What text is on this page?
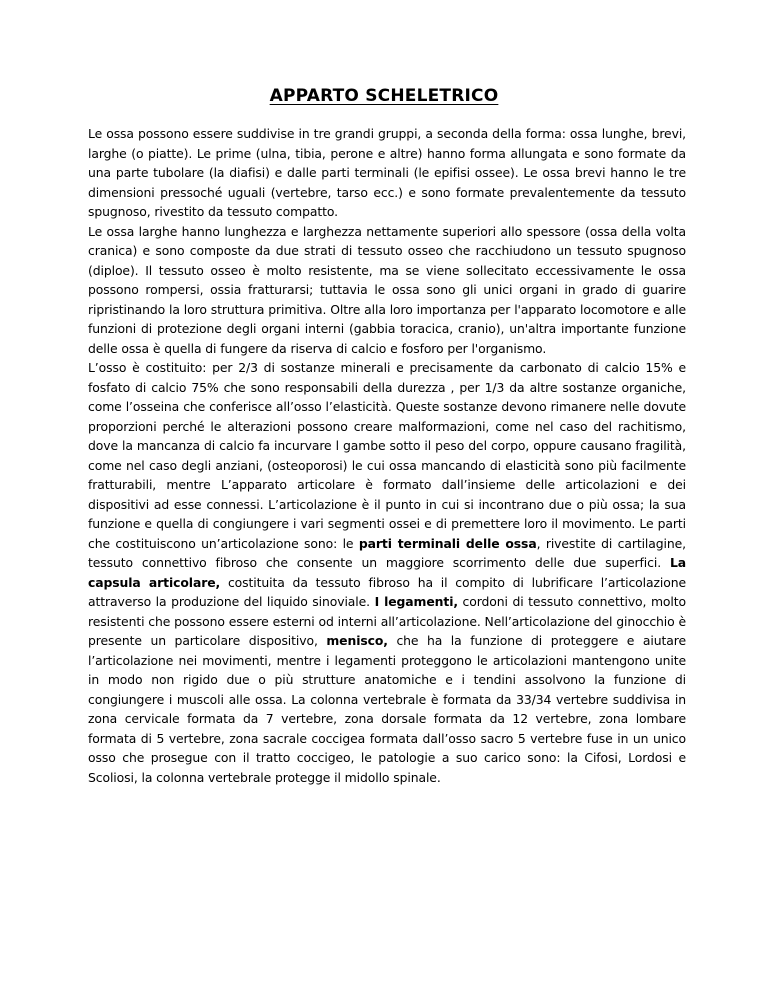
APPARTO SCHELETRICO

Le ossa possono essere suddivise in tre grandi gruppi, a seconda della forma: ossa lunghe, brevi, larghe (o piatte). Le prime (ulna, tibia, perone e altre) hanno forma allungata e sono formate da una parte tubolare (la diafisi) e dalle parti terminali (le epifisi ossee). Le ossa brevi hanno le tre dimensioni pressoché uguali (vertebre, tarso ecc.) e sono formate prevalentemente da tessuto spugnoso, rivestito da tessuto compatto.

Le ossa larghe hanno lunghezza e larghezza nettamente superiori allo spessore (ossa della volta cranica) e sono composte da due strati di tessuto osseo che racchiudono un tessuto spugnoso (diploe). Il tessuto osseo è molto resistente, ma se viene sollecitato eccessivamente le ossa possono rompersi, ossia fratturarsi; tuttavia le ossa sono gli unici organi in grado di guarire ripristinando la loro struttura primitiva. Oltre alla loro importanza per l'apparato locomotore e alle funzioni di protezione degli organi interni (gabbia toracica, cranio), un'altra importante funzione delle ossa è quella di fungere da riserva di calcio e fosforo per l'organismo.

L’osso è costituito: per 2/3 di sostanze minerali e precisamente da carbonato di calcio 15% e fosfato di calcio 75% che sono responsabili della durezza , per 1/3 da altre sostanze organiche, come l’osseina che conferisce all’osso l’elasticità. Queste sostanze devono rimanere nelle dovute proporzioni perché le alterazioni possono creare malformazioni, come nel caso del rachitismo, dove la mancanza di calcio fa incurvare l gambe sotto il peso del corpo, oppure causano fragilità, come nel caso degli anziani, (osteoporosi) le cui ossa mancando di elasticità sono più facilmente fratturabili, mentre L’apparato articolare è formato dall’insieme delle articolazioni e dei dispositivi ad esse connessi. L’articolazione è il punto in cui si incontrano due o più ossa; la sua funzione e quella di congiungere i vari segmenti ossei e di premettere loro il movimento. Le parti che costituiscono un’articolazione sono: le parti terminali delle ossa, rivestite di cartilagine, tessuto connettivo fibroso che consente un maggiore scorrimento delle due superfici. La capsula articolare, costituita da tessuto fibroso ha il compito di lubrificare l’articolazione attraverso la produzione del liquido sinoviale. I legamenti, cordoni di tessuto connettivo, molto resistenti che possono essere esterni od interni all’articolazione. Nell’articolazione del ginocchio è presente un particolare dispositivo, menisco, che ha la funzione di proteggere e aiutare l’articolazione nei movimenti, mentre i legamenti proteggono le articolazioni mantengono unite in modo non rigido due o più strutture anatomiche e i tendini assolvono la funzione di congiungere i muscoli alle ossa. La colonna vertebrale è formata da 33/34 vertebre suddivisa in zona cervicale formata da 7 vertebre, zona dorsale formata da 12 vertebre, zona lombare formata di 5 vertebre, zona sacrale coccigea formata dall’osso sacro 5 vertebre fuse in un unico osso che prosegue con il tratto coccigeo, le patologie a suo carico sono: la Cifosi, Lordosi e Scoliosi, la colonna vertebrale protegge il midollo spinale.
